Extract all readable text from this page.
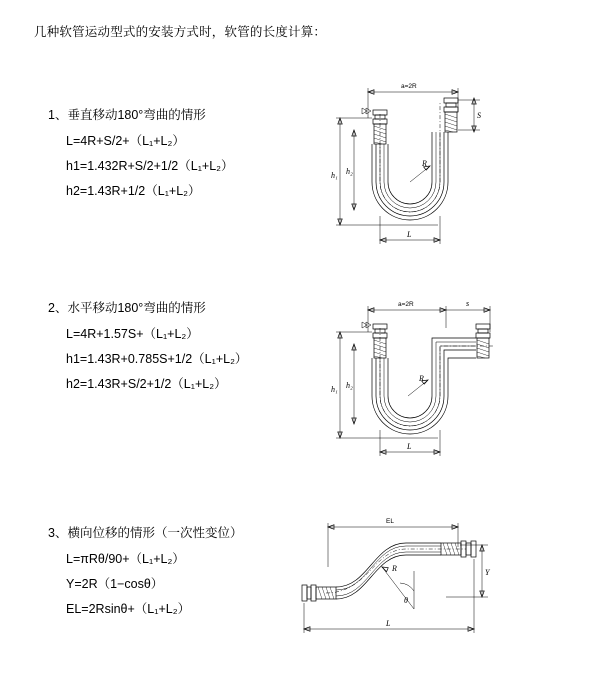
几种软管运动型式的安装方式时，软管的长度计算：
1、垂直移动180°弯曲的情形
L=4R+S/2+（L₁+L₂）
h1=1.432R+S/2+1/2（L₁+L₂）
h2=1.43R+1/2（L₁+L₂）
a=2R
S
h₁ h₂
R
L
2、水平移动180°弯曲的情形
L=4R+1.57S+（L₁+L₂）
h1=1.43R+0.785S+1/2（L₁+L₂）
h2=1.43R+S/2+1/2（L₁+L₂）
a=2R	s
h₁ h₂
R
L
3、横向位移的情形（一次性变位）
L=πRθ/90+（L₁+L₂）
Y=2R（1−cosθ）
EL=2Rsinθ+（L₁+L₂）
EL
Y
R
θ
L
